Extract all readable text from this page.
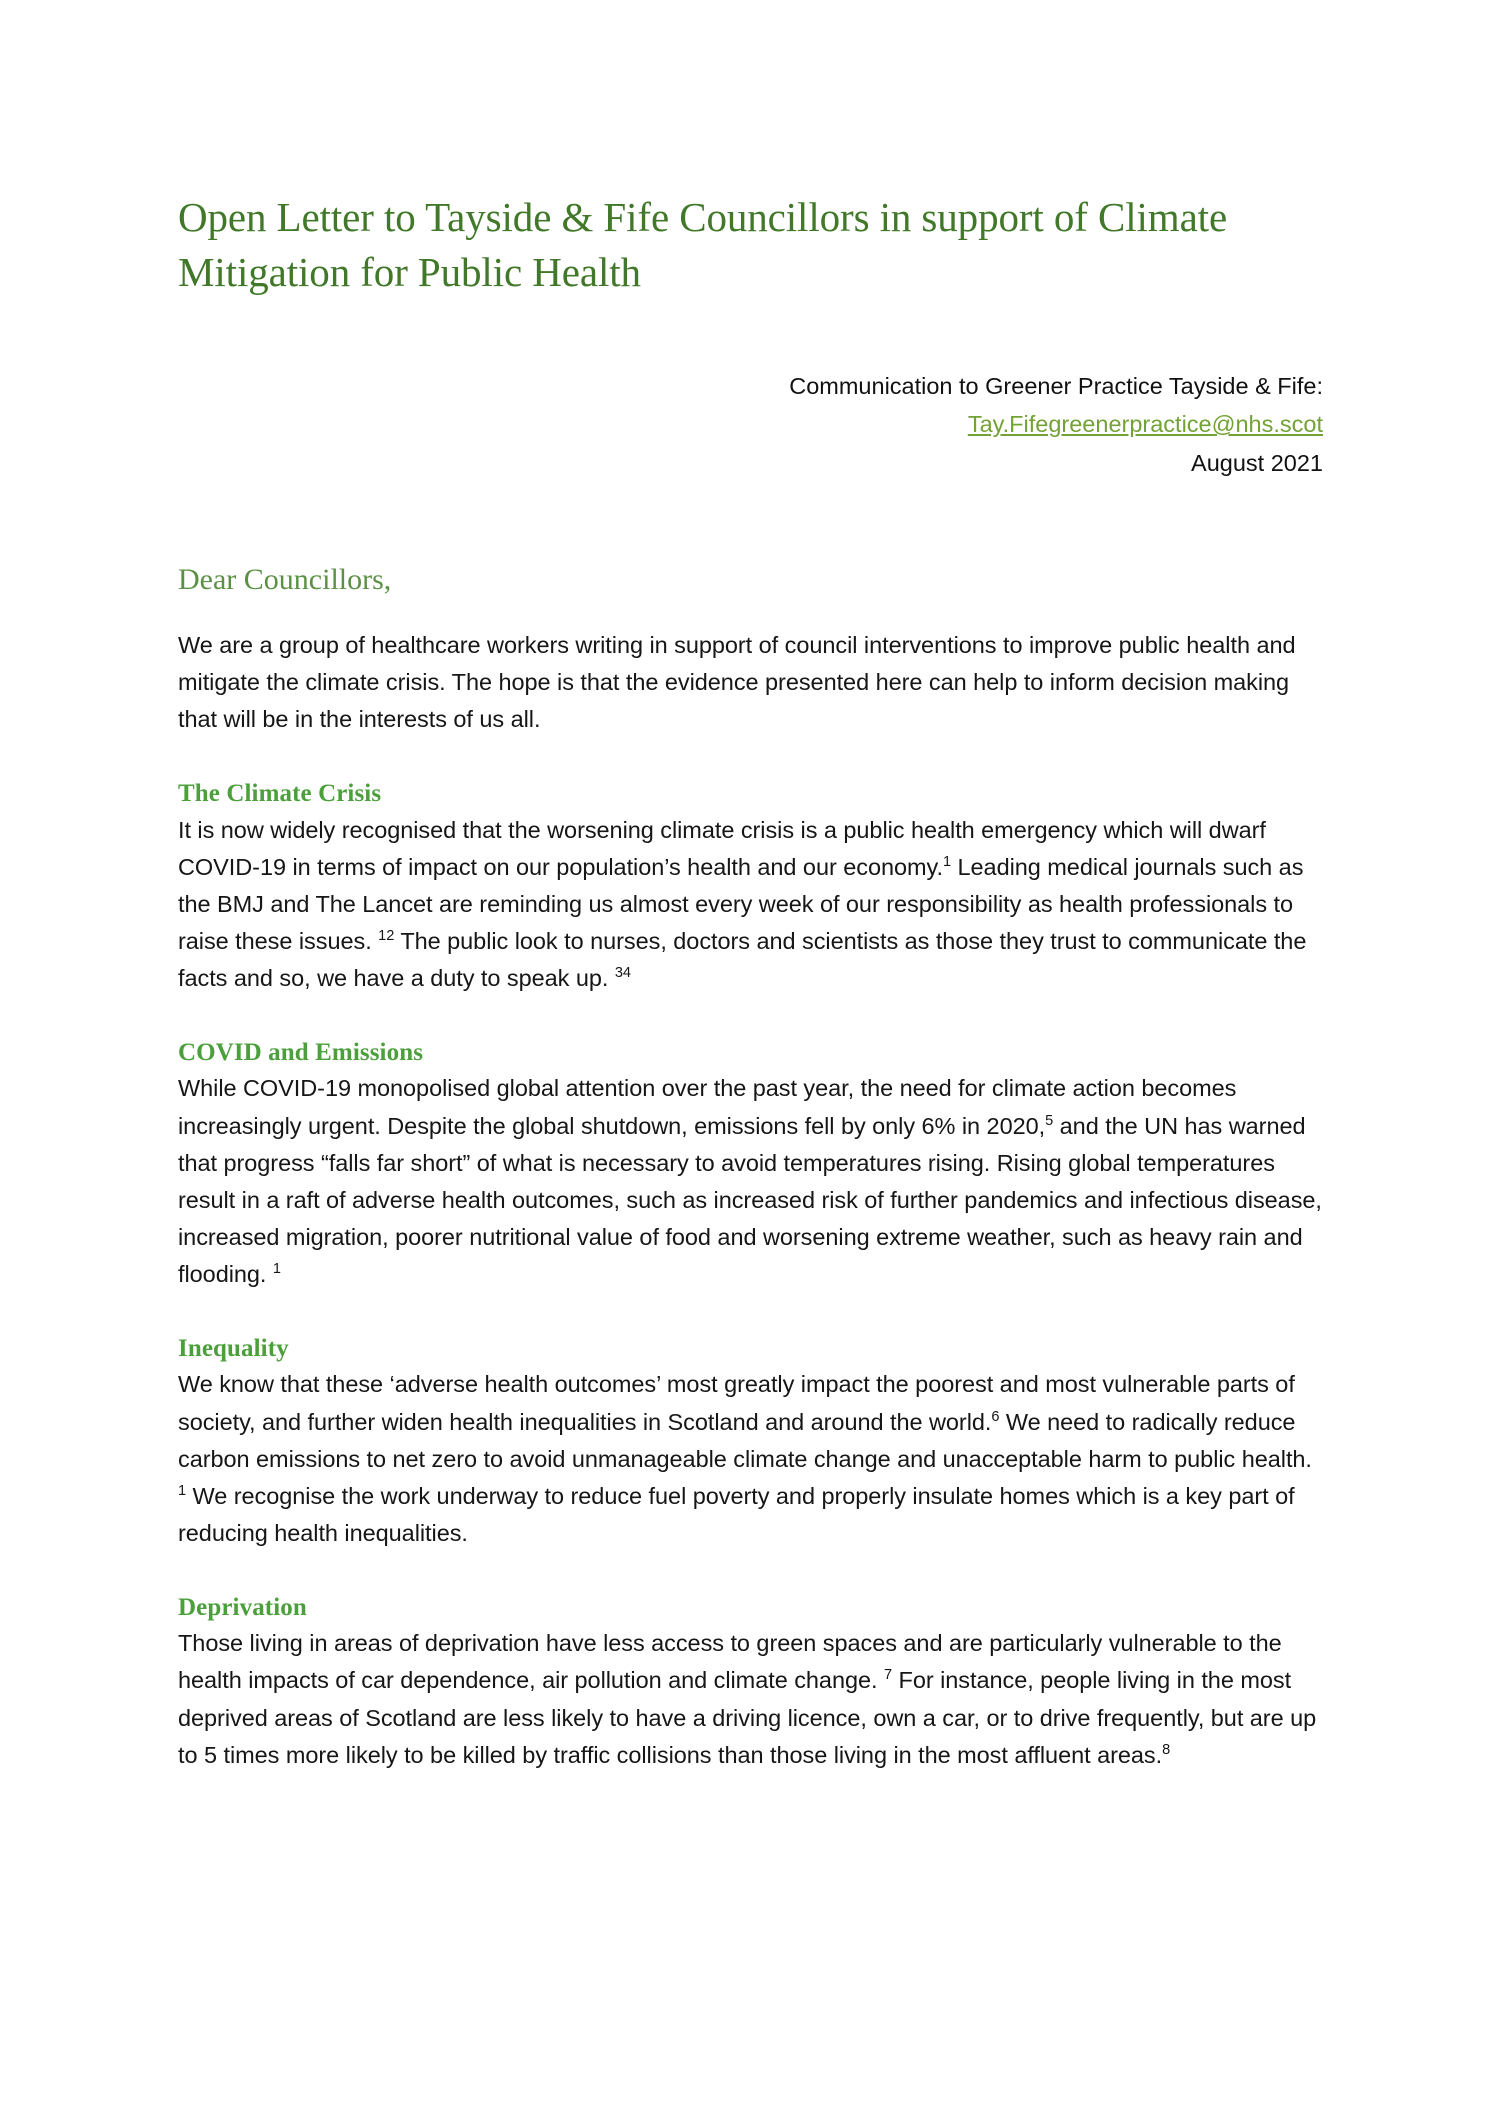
Open Letter to Tayside & Fife Councillors in support of Climate Mitigation for Public Health
Communication to Greener Practice Tayside & Fife:
Tay.Fifegreenerpractice@nhs.scot
August 2021
Dear Councillors,

We are a group of healthcare workers writing in support of council interventions to improve public health and mitigate the climate crisis. The hope is that the evidence presented here can help to inform decision making that will be in the interests of us all.

The Climate Crisis

It is now widely recognised that the worsening climate crisis is a public health emergency which will dwarf COVID-19 in terms of impact on our population’s health and our economy.$^1$ Leading medical journals such as the BMJ and The Lancet are reminding us almost every week of our responsibility as health professionals to raise these issues. $^{12}$ The public look to nurses, doctors and scientists as those they trust to communicate the facts and so, we have a duty to speak up. $^{34}$

COVID and Emissions

While COVID-19 monopolised global attention over the past year, the need for climate action becomes increasingly urgent. Despite the global shutdown, emissions fell by only 6% in 2020,$^5$ and the UN has warned that progress “falls far short” of what is necessary to avoid temperatures rising. Rising global temperatures result in a raft of adverse health outcomes, such as increased risk of further pandemics and infectious disease, increased migration, poorer nutritional value of food and worsening extreme weather, such as heavy rain and flooding. $^1$

Inequality

We know that these ‘adverse health outcomes’ most greatly impact the poorest and most vulnerable parts of society, and further widen health inequalities in Scotland and around the world.$^6$ We need to radically reduce carbon emissions to net zero to avoid unmanageable climate change and unacceptable harm to public health. $^1$ We recognise the work underway to reduce fuel poverty and properly insulate homes which is a key part of reducing health inequalities.

Deprivation

Those living in areas of deprivation have less access to green spaces and are particularly vulnerable to the health impacts of car dependence, air pollution and climate change. $^7$ For instance, people living in the most deprived areas of Scotland are less likely to have a driving licence, own a car, or to drive frequently, but are up to 5 times more likely to be killed by traffic collisions than those living in the most affluent areas.$^8$
